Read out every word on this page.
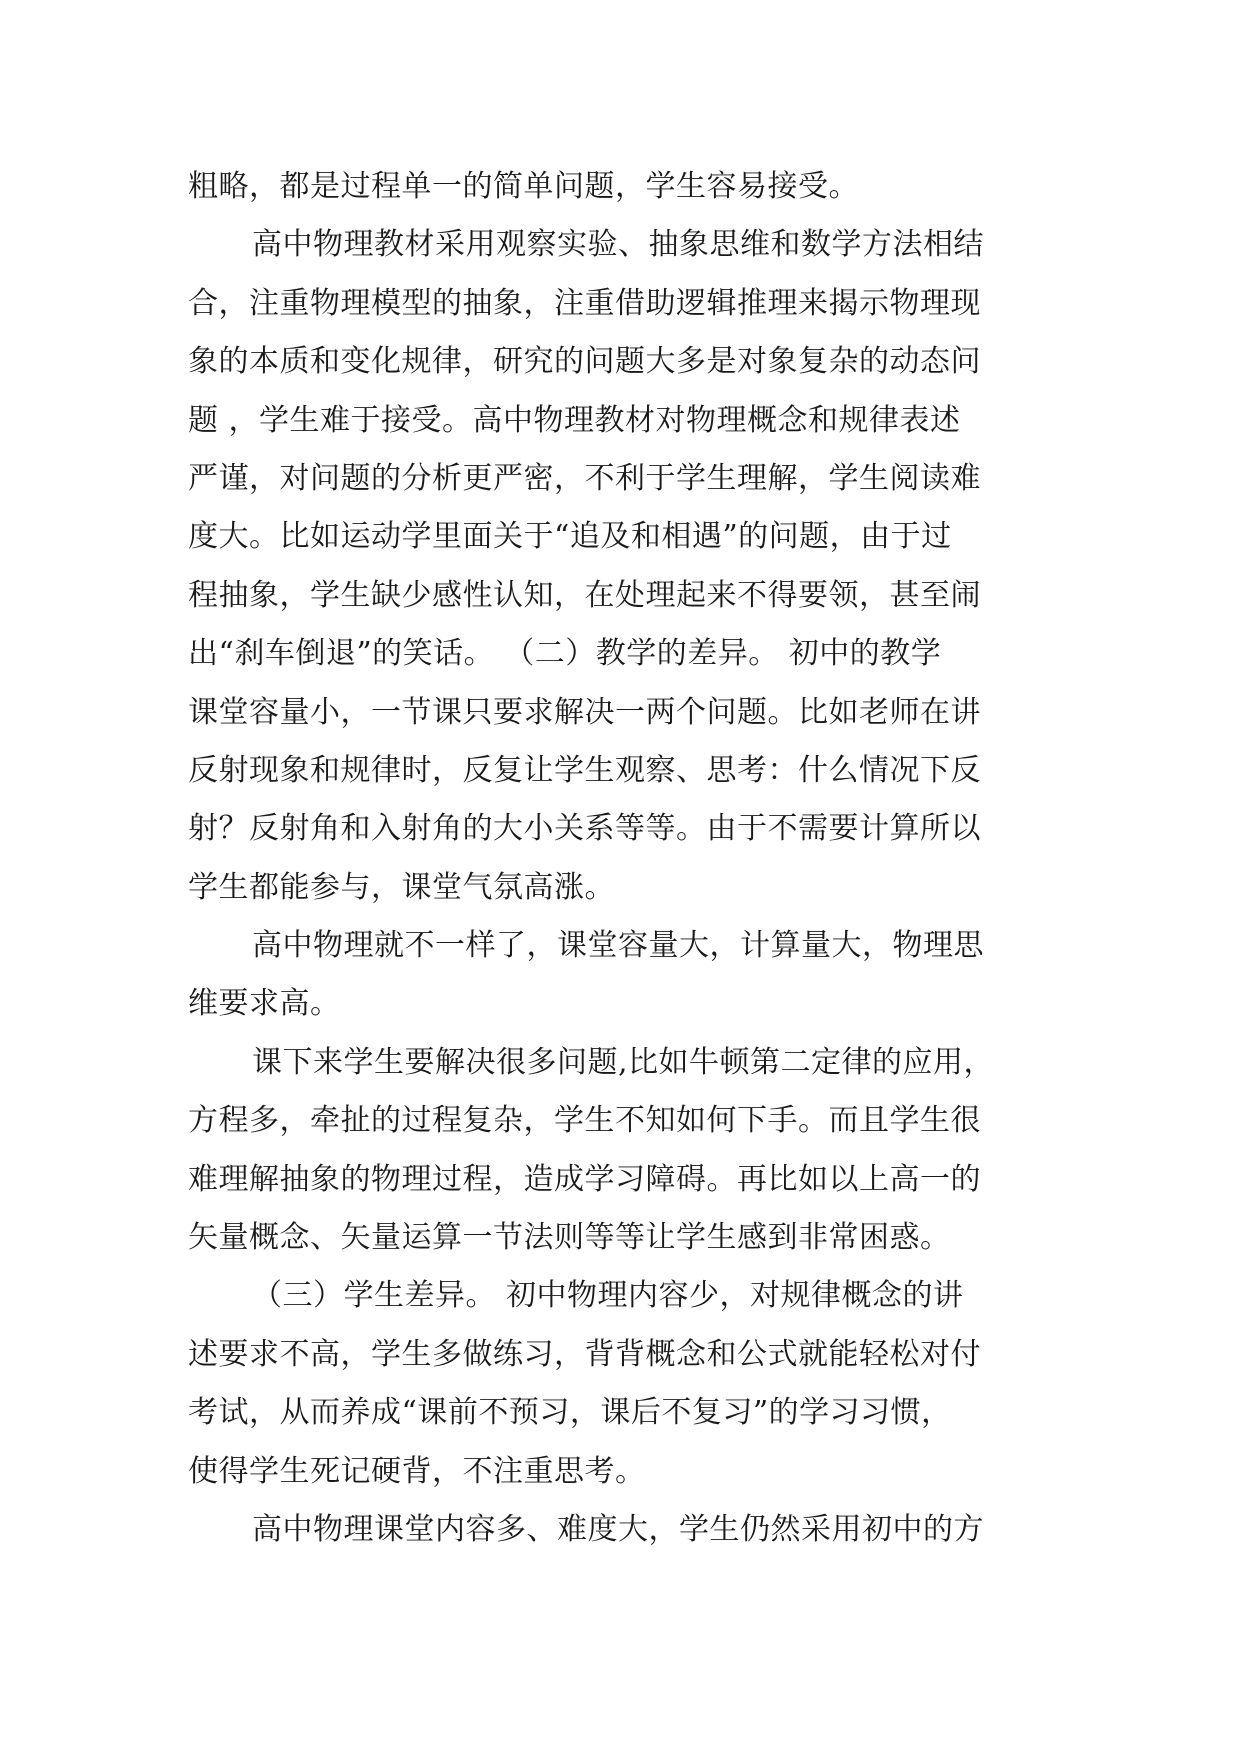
粗略，都是过程单一的简单问题，学生容易接受。
高中物理教材采用观察实验、抽象思维和数学方法相结
合，注重物理模型的抽象，注重借助逻辑推理来揭示物理现
象的本质和变化规律，研究的问题大多是对象复杂的动态问
题 ，学生难于接受。高中物理教材对物理概念和规律表述
严谨，对问题的分析更严密，不利于学生理解，学生阅读难
度大。比如运动学里面关于“追及和相遇”的问题，由于过
程抽象，学生缺少感性认知，在处理起来不得要领，甚至闹
出“刹车倒退”的笑话。 （二）教学的差异。 初中的教学
课堂容量小，一节课只要求解决一两个问题。比如老师在讲
反射现象和规律时，反复让学生观察、思考：什么情况下反
射？反射角和入射角的大小关系等等。由于不需要计算所以
学生都能参与，课堂气氛高涨。
高中物理就不一样了，课堂容量大，计算量大，物理思
维要求高。
课下来学生要解决很多问题,比如牛顿第二定律的应用，
方程多，牵扯的过程复杂，学生不知如何下手。而且学生很
难理解抽象的物理过程，造成学习障碍。再比如以上高一的
矢量概念、矢量运算一节法则等等让学生感到非常困惑。
（三）学生差异。 初中物理内容少，对规律概念的讲
述要求不高，学生多做练习，背背概念和公式就能轻松对付
考试，从而养成“课前不预习，课后不复习”的学习习惯，
使得学生死记硬背，不注重思考。
高中物理课堂内容多、难度大，学生仍然采用初中的方
